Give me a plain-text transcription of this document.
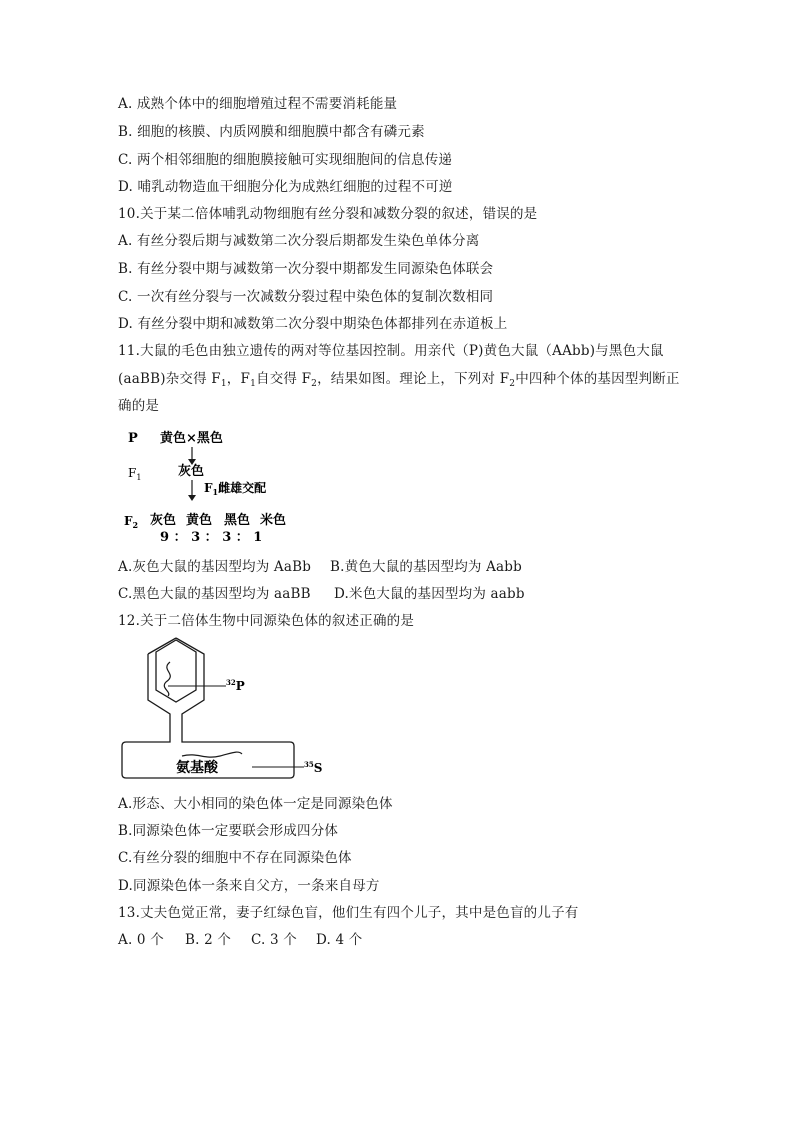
A. 成熟个体中的细胞增殖过程不需要消耗能量
B. 细胞的核膜、内质网膜和细胞膜中都含有磷元素
C. 两个相邻细胞的细胞膜接触可实现细胞间的信息传递
D. 哺乳动物造血干细胞分化为成熟红细胞的过程不可逆
10.关于某二倍体哺乳动物细胞有丝分裂和减数分裂的叙述，错误的是
A. 有丝分裂后期与减数第二次分裂后期都发生染色单体分离
B. 有丝分裂中期与减数第一次分裂中期都发生同源染色体联会
C. 一次有丝分裂与一次减数分裂过程中染色体的复制次数相同
D. 有丝分裂中期和减数第二次分裂中期染色体都排列在赤道板上
11.大鼠的毛色由独立遗传的两对等位基因控制。用亲代（P)黄色大鼠（AAbb)与黑色大鼠
(aaBB)杂交得 $F_1$，$F_1$自交得 $F_2$，结果如图。理论上，下列对 $F_2$中四种个体的基因型判断正
确的是
P 黄色×黑色
$F_1$	灰色
$F_1$雌雄交配
$F_2$ 灰色 黄色 黑色 米色
9 ： 3 ： 3 ： 1
A.灰色大鼠的基因型均为 AaBb B.黄色大鼠的基因型均为 Aabb
C.黑色大鼠的基因型均为 aaBB D.米色大鼠的基因型均为 aabb
12.关于二倍体生物中同源染色体的叙述正确的是
$^{32}$P
氨基酸	$^{35}$S
A.形态、大小相同的染色体一定是同源染色体
B.同源染色体一定要联会形成四分体
C.有丝分裂的细胞中不存在同源染色体
D.同源染色体一条来自父方，一条来自母方
13.丈夫色觉正常，妻子红绿色盲，他们生有四个儿子，其中是色盲的儿子有
A. 0 个 B. 2 个 C. 3 个 D. 4 个
